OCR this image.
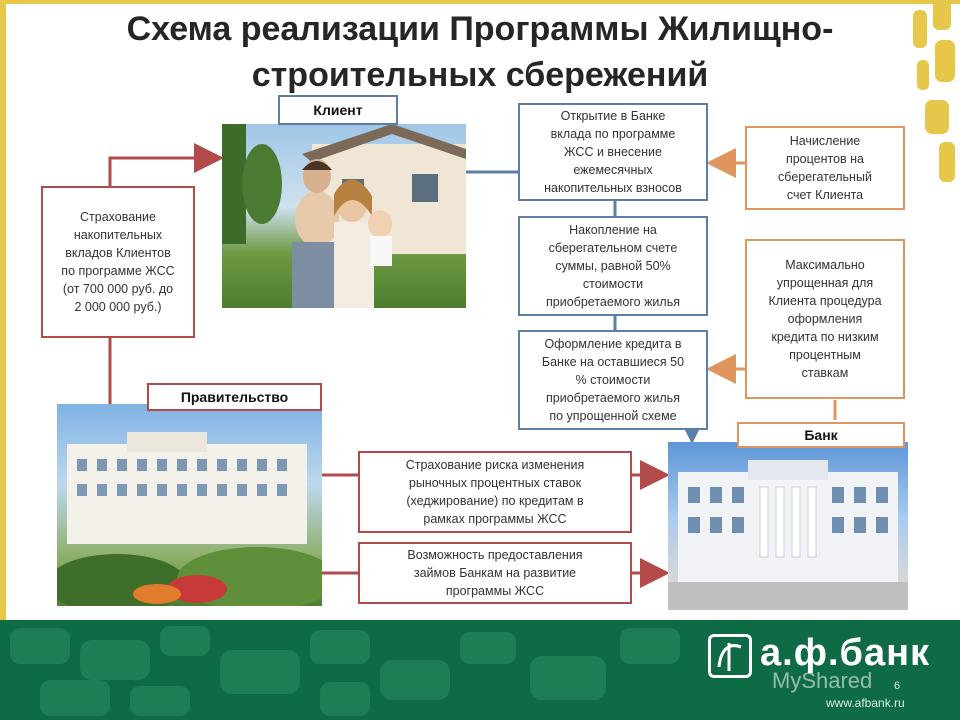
Схема реализации Программы Жилищно-
строительных сбережений
Клиент
Страхование
накопительных
вкладов Клиентов
по программе ЖСС
(от 700 000 руб. до
2 000 000 руб.)
Открытие в Банке
вклада по программе
ЖСС и внесение
ежемесячных
накопительных взносов
Накопление на
сберегательном счете
суммы, равной 50%
стоимости
приобретаемого жилья
Оформление кредита в
Банке на оставшиеся 50
% стоимости
приобретаемого жилья
по упрощенной схеме
Начисление
процентов на
сберегательный
счет Клиента
Максимально
упрощенная для
Клиента процедура
оформления
кредита по низким
процентным
ставкам
Правительство
Страхование риска изменения
рыночных процентных ставок
(хеджирование) по кредитам в
рамках программы ЖСС
Возможность предоставления
займов Банкам на развитие
программы ЖСС
Банк
а.ф.банк
MyShared 6
www.afbank.ru
